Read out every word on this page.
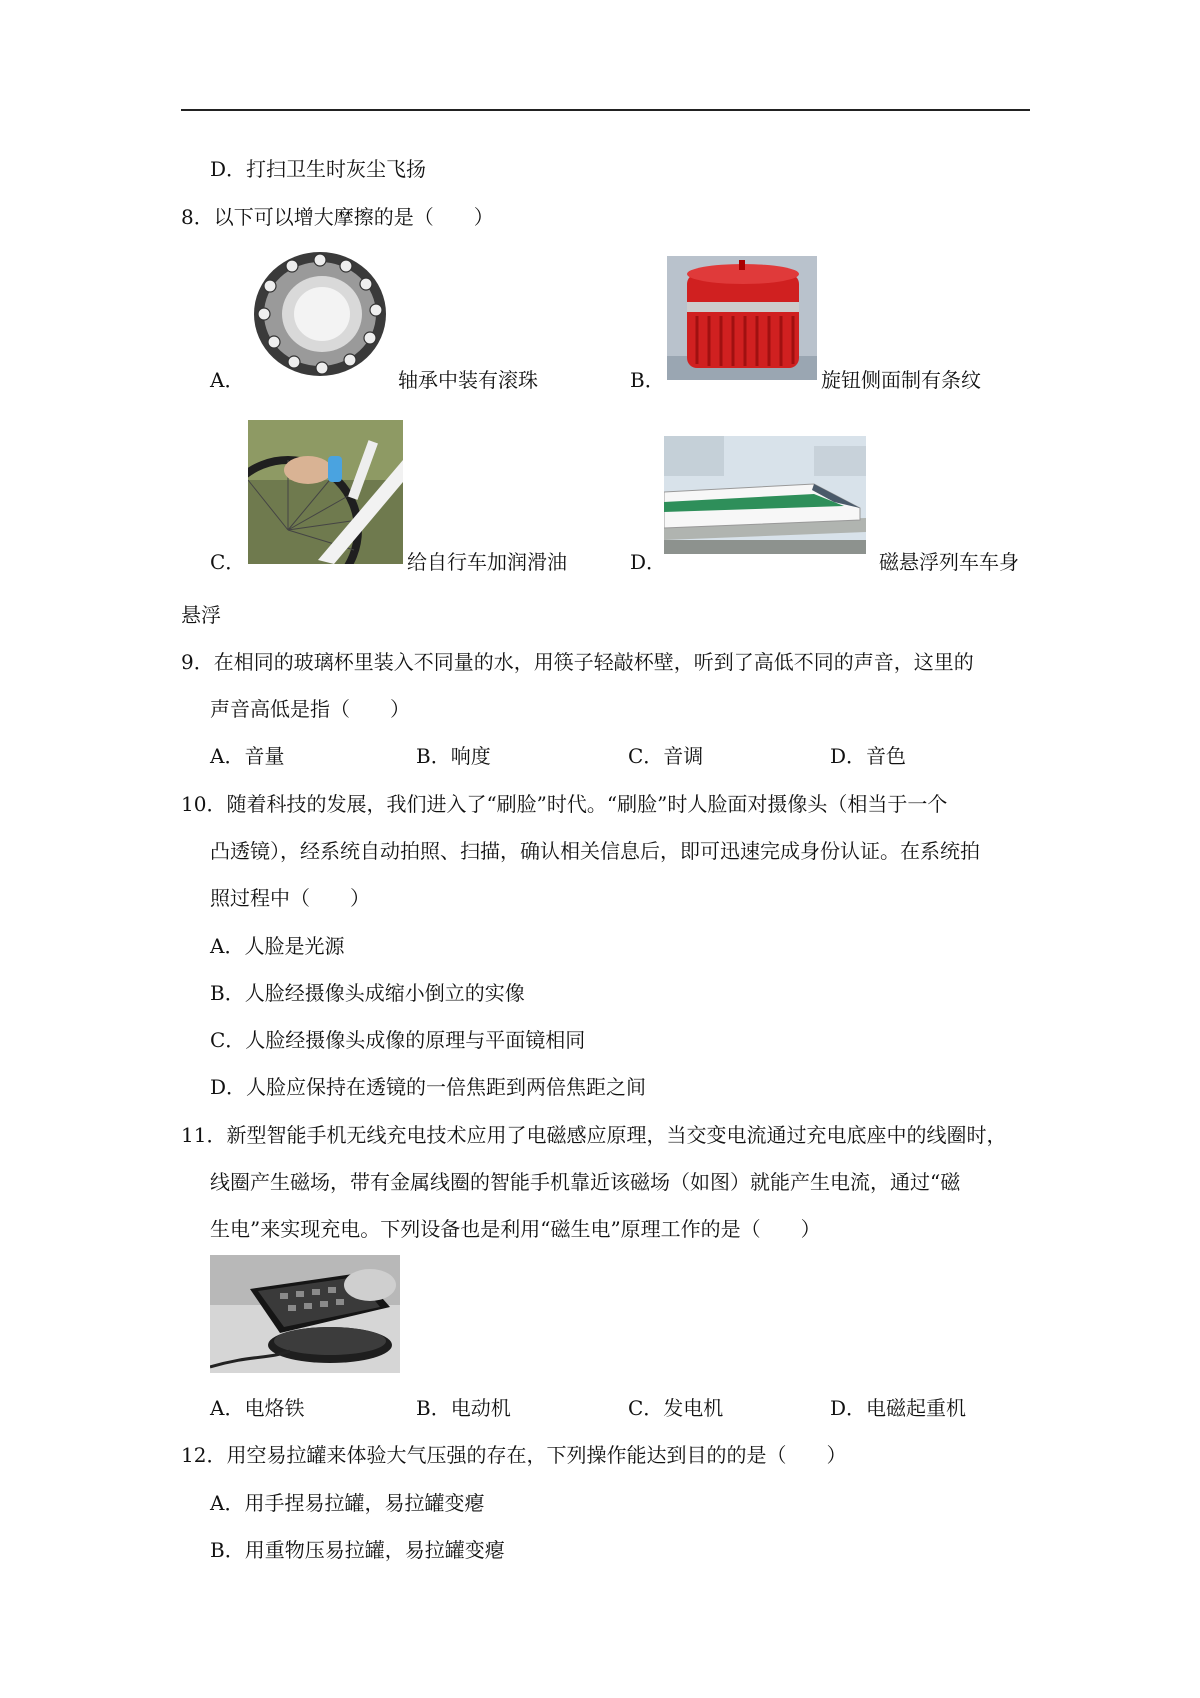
D．打扫卫生时灰尘飞扬
8．以下可以增大摩擦的是（　　）
A．	轴承中装有滚珠	B．	旋钮侧面制有条纹
C．	给自行车加润滑油	D．	磁悬浮列车车身
悬浮
9．在相同的玻璃杯里装入不同量的水，用筷子轻敲杯壁，听到了高低不同的声音，这里的
声音高低是指（　　）
A．音量	B．响度	C．音调	D．音色
10．随着科技的发展，我们进入了“刷脸”时代。“刷脸”时人脸面对摄像头（相当于一个
凸透镜），经系统自动拍照、扫描，确认相关信息后，即可迅速完成身份认证。在系统拍
照过程中（　　）
A．人脸是光源
B．人脸经摄像头成缩小倒立的实像
C．人脸经摄像头成像的原理与平面镜相同
D．人脸应保持在透镜的一倍焦距到两倍焦距之间
11．新型智能手机无线充电技术应用了电磁感应原理，当交变电流通过充电底座中的线圈时，
线圈产生磁场，带有金属线圈的智能手机靠近该磁场（如图）就能产生电流，通过“磁
生电”来实现充电。下列设备也是利用“磁生电”原理工作的是（　　）
A．电烙铁	B．电动机	C．发电机	D．电磁起重机
12．用空易拉罐来体验大气压强的存在，下列操作能达到目的的是（　　）
A．用手捏易拉罐，易拉罐变瘪
B．用重物压易拉罐，易拉罐变瘪
